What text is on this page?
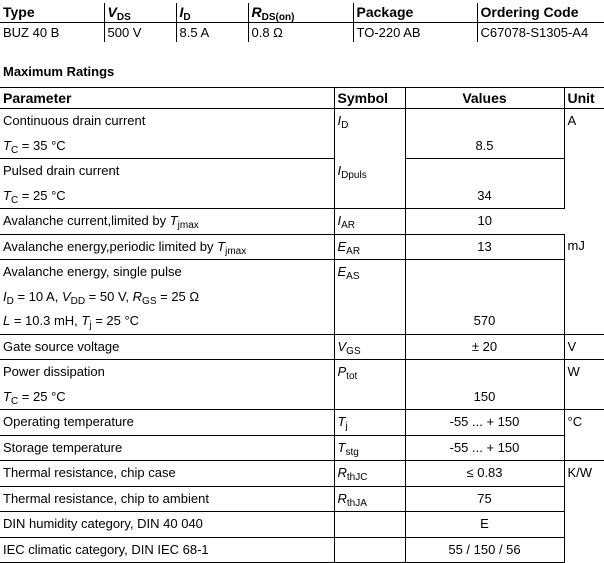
Type	$V_{DS}$	$I_D$	$R_{DS(on)}$	Package	Ordering Code
BUZ 40 B	500 V	8.5 A	0.8 Ω	TO-220 AB	C67078-S1305-A4
Maximum Ratings
Parameter	Symbol	Values	Unit
Continuous drain current	$I_D$		A
$T_C = 35$ °C		8.5	
Pulsed drain current	$I_{Dpuls}$	
$T_C = 25$ °C		34	
Avalanche current,limited by $T_{jmax}$	$I_{AR}$	10	
Avalanche energy,periodic limited by $T_{jmax}$	$E_{AR}$	13	mJ
Avalanche energy, single pulse	$E_{AS}$	
$I_D = 10$ A, $V_{DD} = 50$ V, $R_{GS} = 25$ Ω			
L = 10.3 mH, $T_j = 25$ °C		570	
Gate source voltage	$V_{GS}$	± 20	V
Power dissipation	$P_{tot}$		W
$T_C = 25$ °C		150	
Operating temperature	$T_j$	-55 ... + 150	°C
Storage temperature	$T_{stg}$	-55 ... + 150	
Thermal resistance, chip case	$R_{thJC}$	≤ 0.83	K/W
Thermal resistance, chip to ambient	$R_{thJA}$	75	
DIN humidity category, DIN 40 040		E	
IEC climatic category, DIN IEC 68-1		55 / 150 / 56	
